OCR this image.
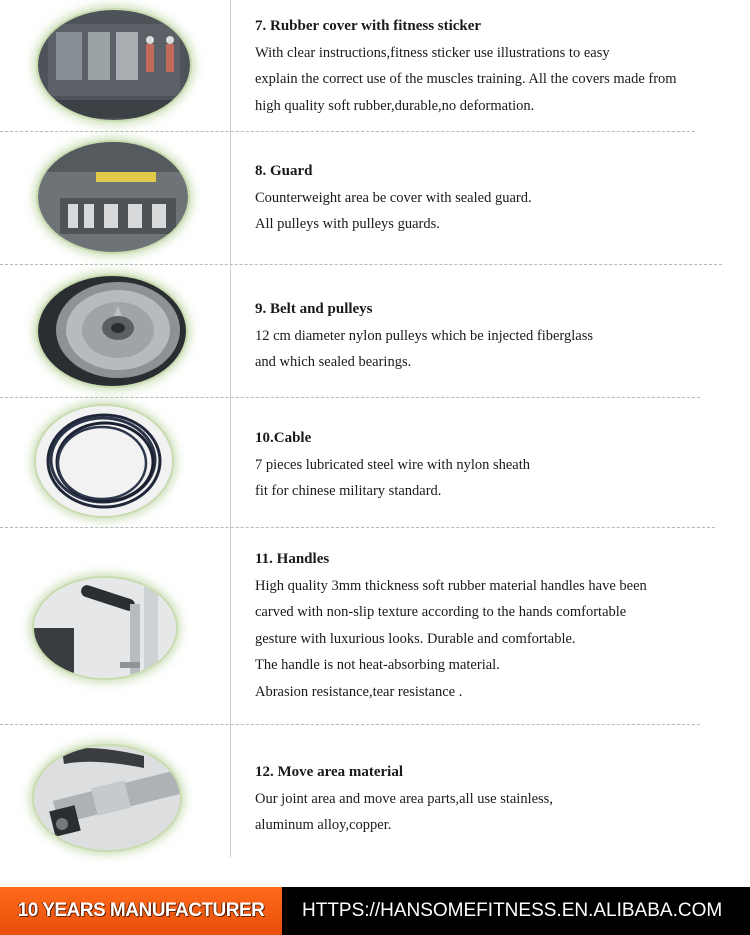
7. Rubber cover with fitness sticker
With clear instructions,fitness sticker use illustrations to easy
explain the correct use of the muscles training. All the covers made from
high quality soft rubber,durable,no deformation.
8. Guard
Counterweight area be cover with sealed guard.
All pulleys with pulleys guards.
9. Belt and pulleys
12 cm diameter nylon pulleys which be injected fiberglass
and which sealed bearings.
10.Cable
7 pieces lubricated steel wire with nylon sheath
fit for chinese military standard.
11. Handles
High quality 3mm thickness soft rubber material handles have been
carved with non-slip texture according to the hands comfortable
gesture with luxurious looks. Durable and comfortable.
The handle is not heat-absorbing material.
Abrasion resistance,tear resistance .
12. Move area material
Our joint area and move area parts,all use stainless,
aluminum alloy,copper.
10 YEARS MANUFACTURER	HTTPS://HANSOMEFITNESS.EN.ALIBABA.COM
